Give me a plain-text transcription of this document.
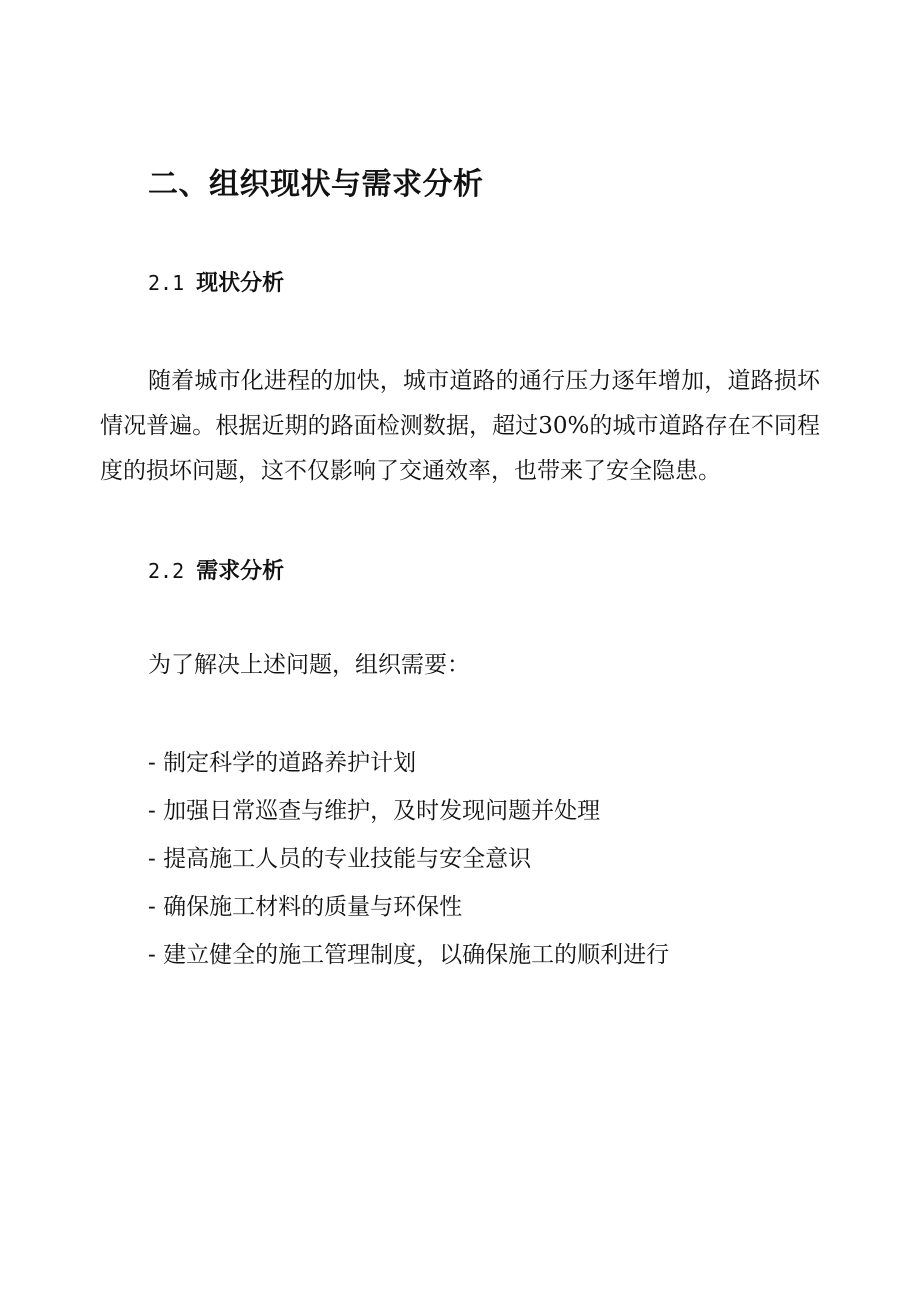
二、组织现状与需求分析
2.1 现状分析

随着城市化进程的加快，城市道路的通行压力逐年增加，道路损坏情况普遍。根据近期的路面检测数据，超过30%的城市道路存在不同程度的损坏问题，这不仅影响了交通效率，也带来了安全隐患。

2.2 需求分析

为了解决上述问题，组织需要：

- 制定科学的道路养护计划
- 加强日常巡查与维护，及时发现问题并处理
- 提高施工人员的专业技能与安全意识
- 确保施工材料的质量与环保性
- 建立健全的施工管理制度，以确保施工的顺利进行
